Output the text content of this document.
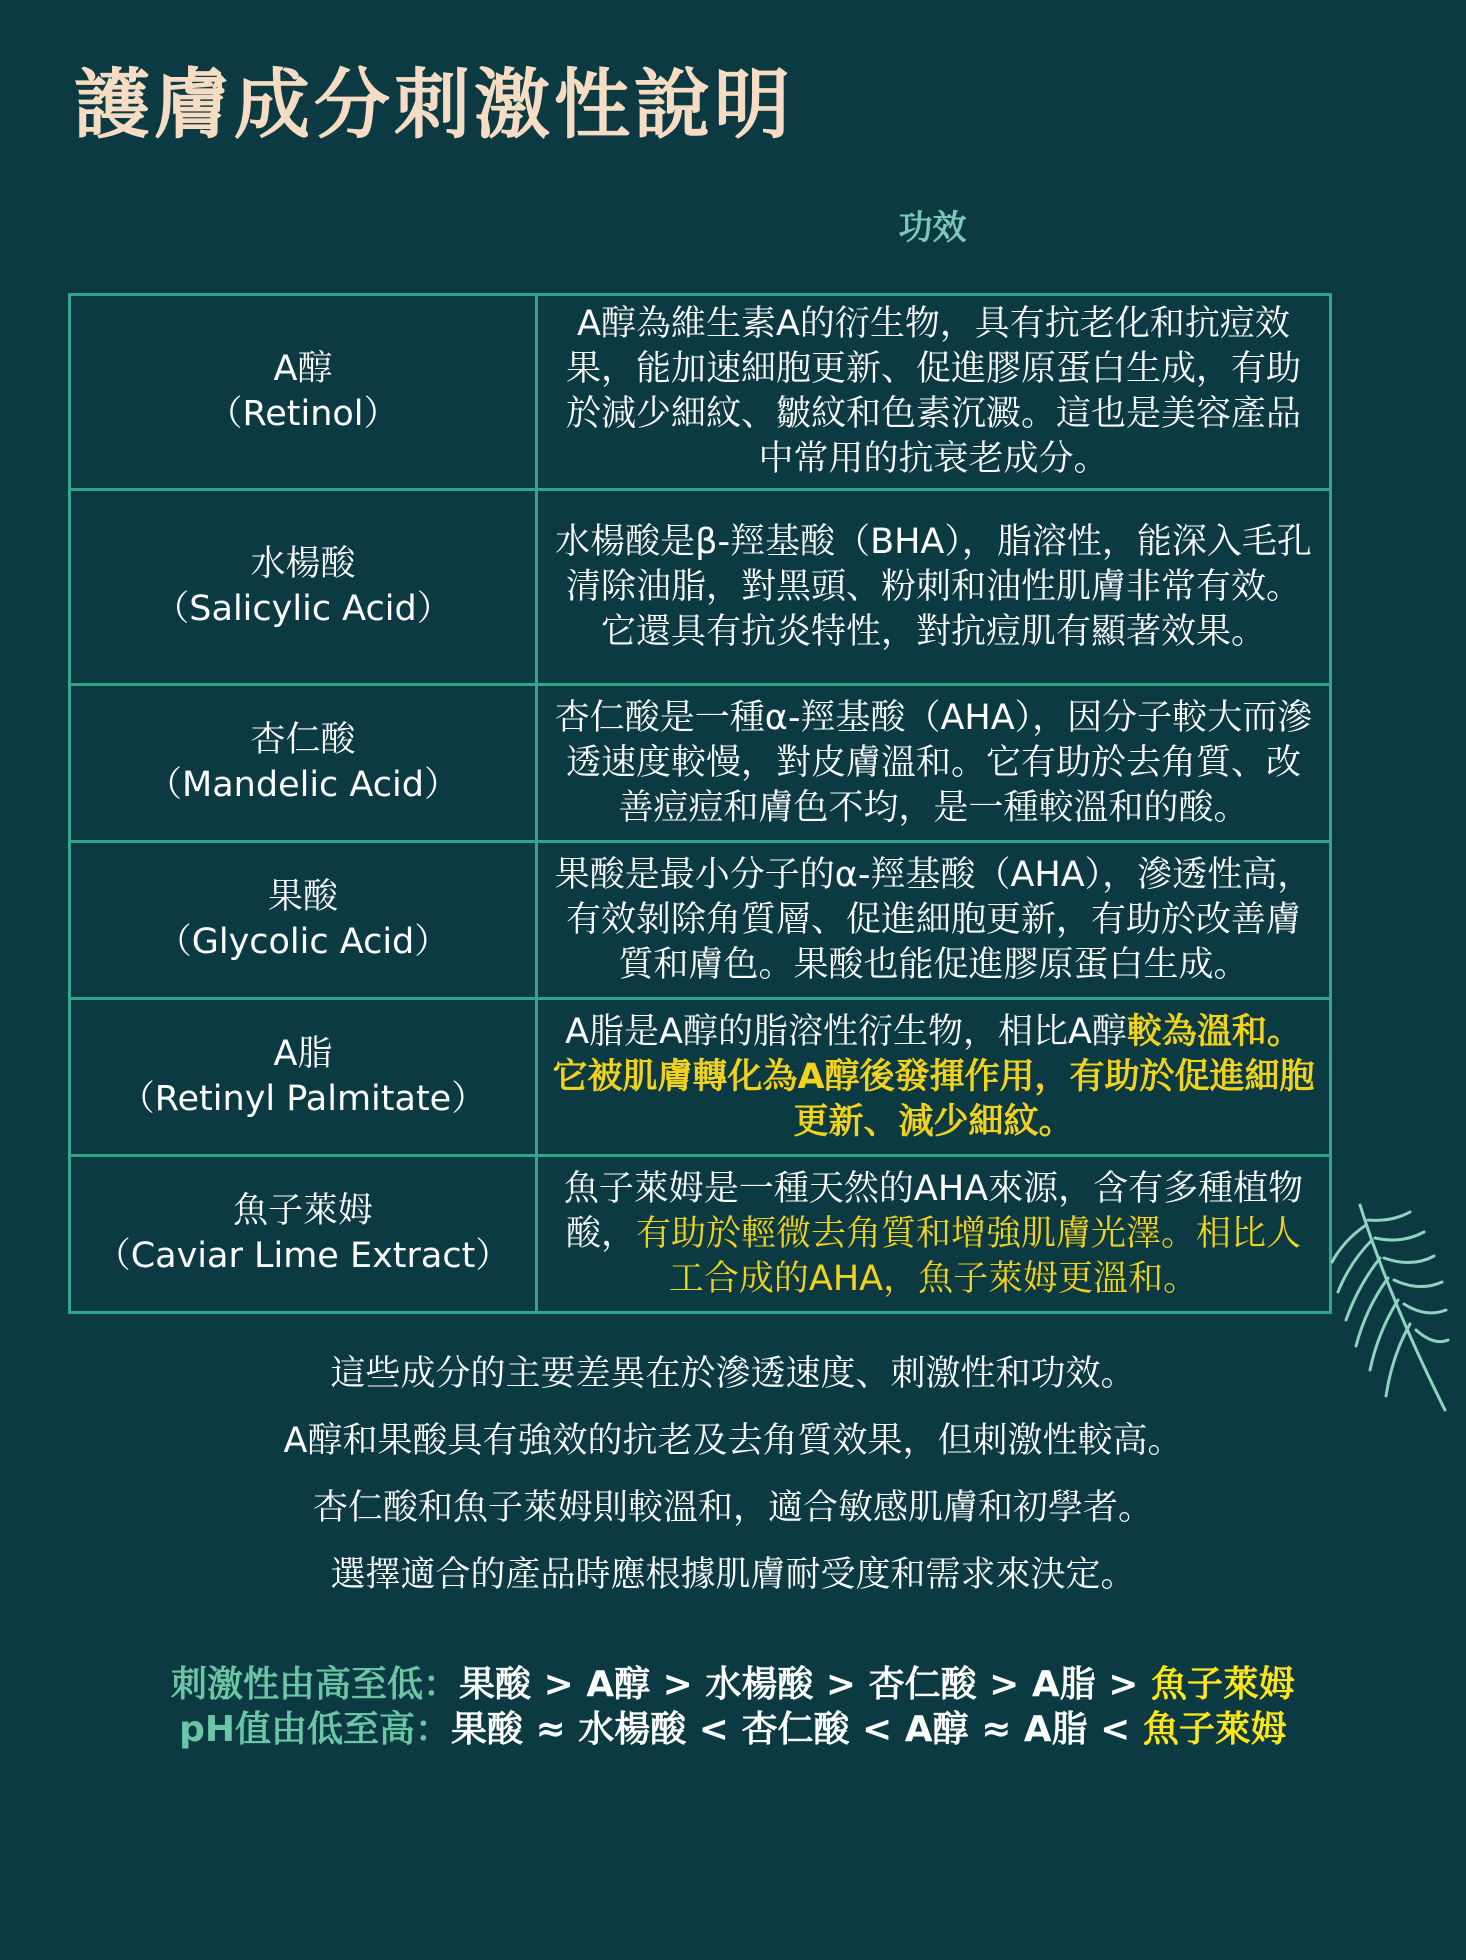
護膚成分刺激性說明
功效
A醇
（Retinol）	A醇為維生素A的衍生物，具有抗老化和抗痘效果，能加速細胞更新、促進膠原蛋白生成，有助於減少細紋、皺紋和色素沉澱。這也是美容產品中常用的抗衰老成分。

水楊酸
（Salicylic Acid）	水楊酸是β-羥基酸（BHA），脂溶性，能深入毛孔清除油脂，對黑頭、粉刺和油性肌膚非常有效。它還具有抗炎特性，對抗痘肌有顯著效果。

杏仁酸
（Mandelic Acid）	杏仁酸是一種α-羥基酸（AHA），因分子較大而滲透速度較慢，對皮膚溫和。它有助於去角質、改善痘痘和膚色不均，是一種較溫和的酸。

果酸
（Glycolic Acid）	果酸是最小分子的α-羥基酸（AHA），滲透性高，有效剝除角質層、促進細胞更新，有助於改善膚質和膚色。果酸也能促進膠原蛋白生成。

A脂
（Retinyl Palmitate）	A脂是A醇的脂溶性衍生物，相比A醇較為溫和。它被肌膚轉化為A醇後發揮作用，有助於促進細胞更新、減少細紋。

魚子萊姆
（Caviar Lime Extract）	魚子萊姆是一種天然的AHA來源，含有多種植物酸，有助於輕微去角質和增強肌膚光澤。相比人工合成的AHA，魚子萊姆更溫和。

這些成分的主要差異在於滲透速度、刺激性和功效。

A醇和果酸具有強效的抗老及去角質效果，但刺激性較高。

杏仁酸和魚子萊姆則較溫和，適合敏感肌膚和初學者。

選擇適合的產品時應根據肌膚耐受度和需求來決定。

刺激性由高至低：果酸 > A醇 > 水楊酸 > 杏仁酸 > A脂 > 魚子萊姆
pH值由低至高：果酸 ≈ 水楊酸 < 杏仁酸 < A醇 ≈ A脂 < 魚子萊姆
